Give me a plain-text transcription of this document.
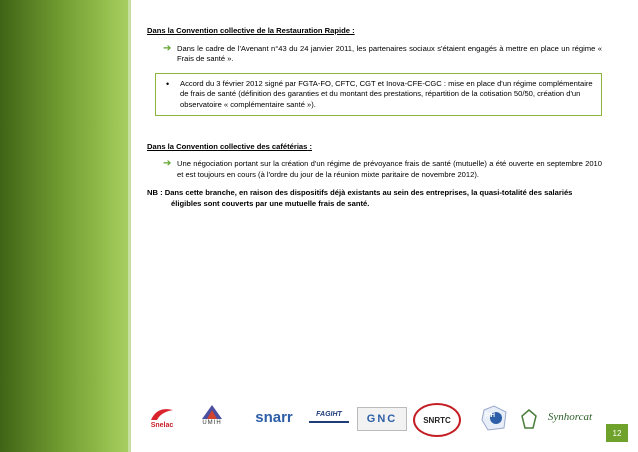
Dans la Convention collective de la Restauration Rapide :

➔ Dans le cadre de l'Avenant n°43 du 24 janvier 2011, les partenaires sociaux s'étaient engagés à mettre en place un régime « Frais de santé ».
• Accord du 3 février 2012 signé par FGTA-FO, CFTC, CGT et Inova-CFE-CGC : mise en place d'un régime complémentaire de frais de santé (définition des garanties et du montant des prestations, répartition de la cotisation 50/50, création d'un observatoire « complémentaire santé »).

Dans la Convention collective des cafétérias :

➔ Une négociation portant sur la création d'un régime de prévoyance frais de santé (mutuelle) a été ouverte en septembre 2010 et est toujours en cours (à l'ordre du jour de la réunion mixte paritaire de novembre 2012).

NB : Dans cette branche, en raison des dispositifs déjà existants au sein des entreprises, la quasi-totalité des salariés éligibles sont couverts par une mutuelle frais de santé.

Snelac	UMIH snarr	FAGIHT GNC	SNRTC	PIH	Synhorcat
12
